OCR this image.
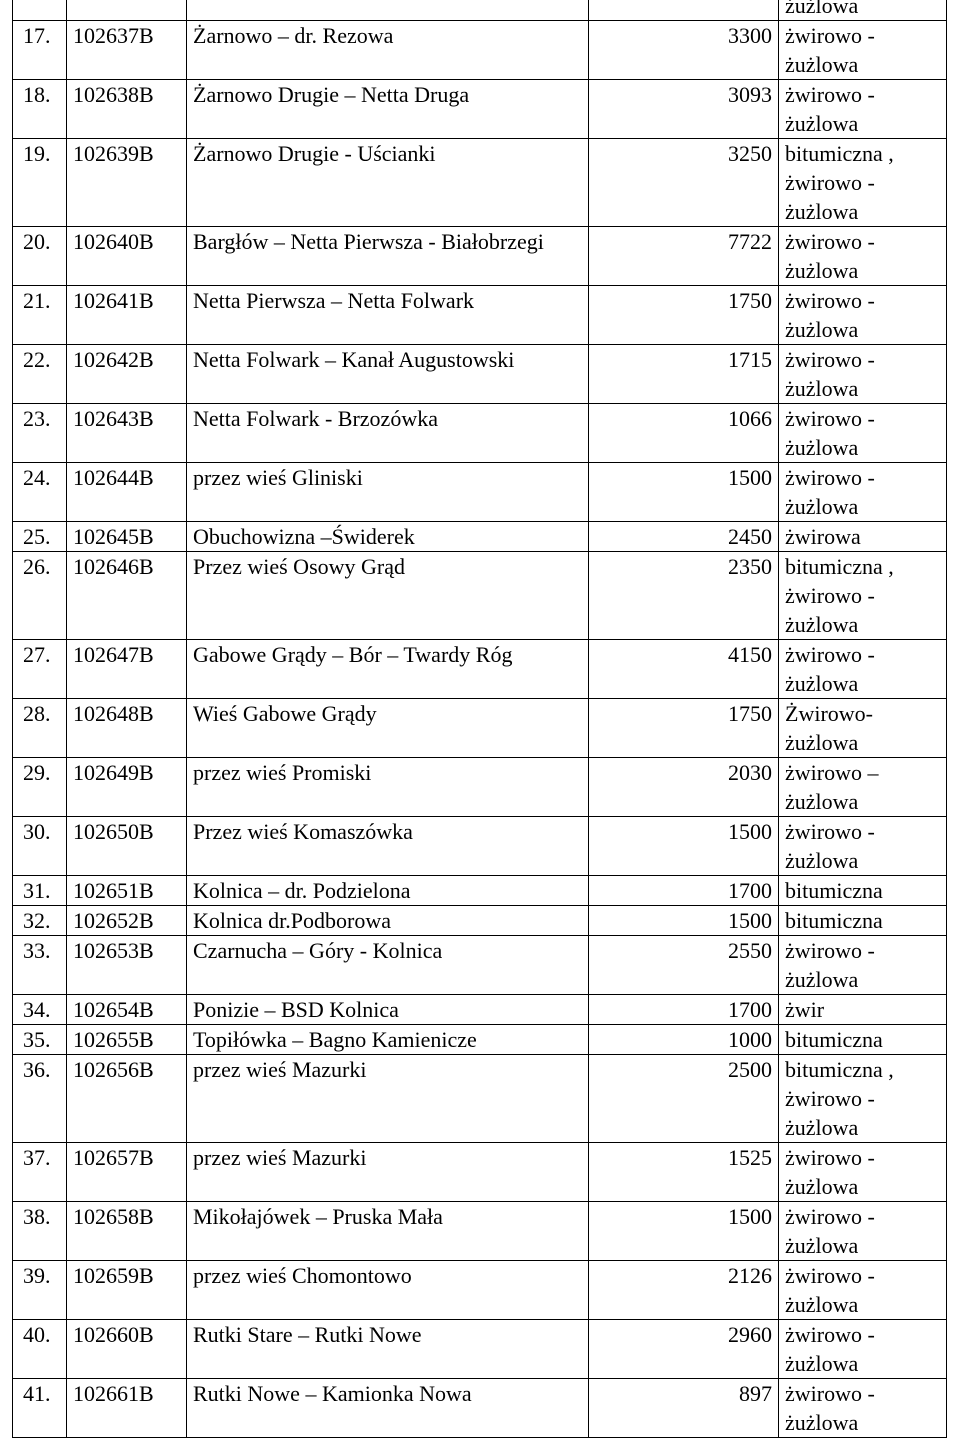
				żużlowa
17.	102637B	Żarnowo – dr. Rezowa	3300	żwirowo -
żużlowa
18.	102638B	Żarnowo Drugie – Netta Druga	3093	żwirowo -
żużlowa
19.	102639B	Żarnowo Drugie - Uścianki	3250	bitumiczna ,
żwirowo -
żużlowa
20.	102640B	Bargłów – Netta Pierwsza - Białobrzegi	7722	żwirowo -
żużlowa
21.	102641B	Netta Pierwsza – Netta Folwark	1750	żwirowo -
żużlowa
22.	102642B	Netta Folwark – Kanał Augustowski	1715	żwirowo -
żużlowa
23.	102643B	Netta Folwark - Brzozówka	1066	żwirowo -
żużlowa
24.	102644B	przez wieś Gliniski	1500	żwirowo -
żużlowa
25.	102645B	Obuchowizna –Świderek	2450	żwirowa
26.	102646B	Przez wieś Osowy Grąd	2350	bitumiczna ,
żwirowo -
żużlowa
27.	102647B	Gabowe Grądy – Bór – Twardy Róg	4150	żwirowo -
żużlowa
28.	102648B	Wieś Gabowe Grądy	1750	Żwirowo-
żużlowa
29.	102649B	przez wieś Promiski	2030	żwirowo –
żużlowa
30.	102650B	Przez wieś Komaszówka	1500	żwirowo -
żużlowa
31.	102651B	Kolnica – dr. Podzielona	1700	bitumiczna
32.	102652B	Kolnica dr.Podborowa	1500	bitumiczna
33.	102653B	Czarnucha – Góry - Kolnica	2550	żwirowo -
żużlowa
34.	102654B	Ponizie – BSD Kolnica	1700	żwir
35.	102655B	Topiłówka – Bagno Kamienicze	1000	bitumiczna
36.	102656B	przez wieś Mazurki	2500	bitumiczna ,
żwirowo -
żużlowa
37.	102657B	przez wieś Mazurki	1525	żwirowo -
żużlowa
38.	102658B	Mikołajówek – Pruska Mała	1500	żwirowo -
żużlowa
39.	102659B	przez wieś Chomontowo	2126	żwirowo -
żużlowa
40.	102660B	Rutki Stare – Rutki Nowe	2960	żwirowo -
żużlowa
41.	102661B	Rutki Nowe – Kamionka Nowa	897	żwirowo -
żużlowa
